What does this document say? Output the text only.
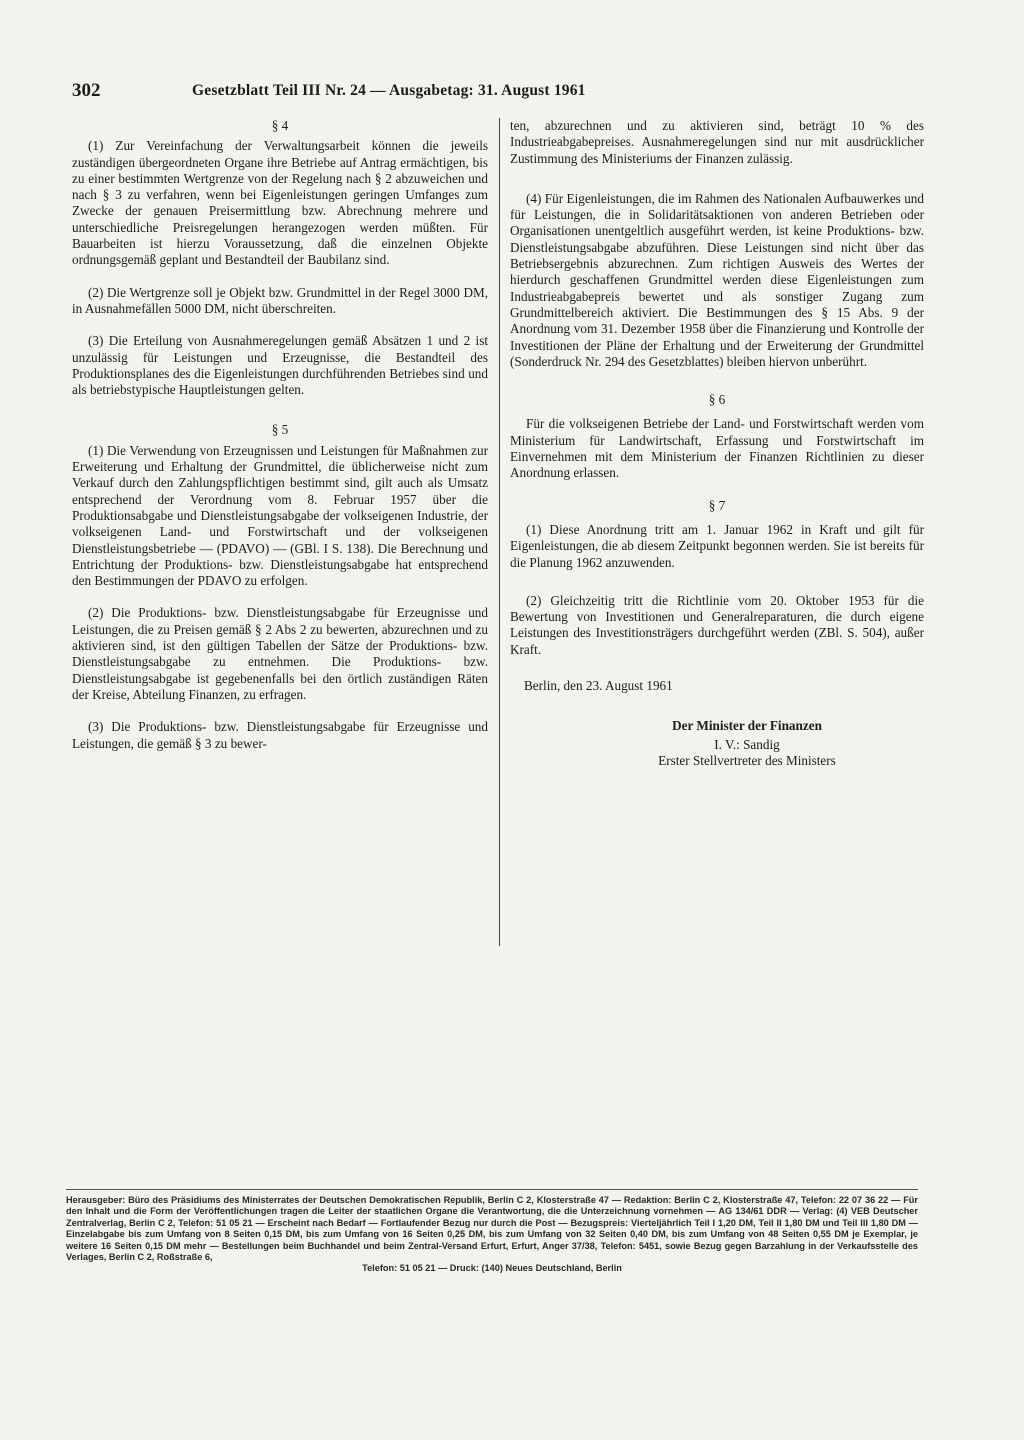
302	Gesetzblatt Teil III Nr. 24 — Ausgabetag: 31. August 1961

§ 4

(1) Zur Vereinfachung der Verwaltungsarbeit können die jeweils zuständigen übergeordneten Organe ihre Betriebe auf Antrag ermächtigen, bis zu einer bestimmten Wertgrenze von der Regelung nach § 2 abzuweichen und nach § 3 zu verfahren, wenn bei Eigenleistungen geringen Umfanges zum Zwecke der genauen Preisermittlung bzw. Abrechnung mehrere und unterschiedliche Preisregelungen herangezogen werden müßten. Für Bauarbeiten ist hierzu Voraussetzung, daß die einzelnen Objekte ordnungsgemäß geplant und Bestandteil der Baubilanz sind.

(2) Die Wertgrenze soll je Objekt bzw. Grundmittel in der Regel 3000 DM, in Ausnahmefällen 5000 DM, nicht überschreiten.

(3) Die Erteilung von Ausnahmeregelungen gemäß Absätzen 1 und 2 ist unzulässig für Leistungen und Erzeugnisse, die Bestandteil des Produktionsplanes des die Eigenleistungen durchführenden Betriebes sind und als betriebstypische Hauptleistungen gelten.

§ 5

(1) Die Verwendung von Erzeugnissen und Leistungen für Maßnahmen zur Erweiterung und Erhaltung der Grundmittel, die üblicherweise nicht zum Verkauf durch den Zahlungspflichtigen bestimmt sind, gilt auch als Umsatz entsprechend der Verordnung vom 8. Februar 1957 über die Produktionsabgabe und Dienstleistungsabgabe der volkseigenen Industrie, der volkseigenen Land- und Forstwirtschaft und der volkseigenen Dienstleistungsbetriebe — (PDAVO) — (GBl. I S. 138). Die Berechnung und Entrichtung der Produktions- bzw. Dienstleistungsabgabe hat entsprechend den Bestimmungen der PDAVO zu erfolgen.

(2) Die Produktions- bzw. Dienstleistungsabgabe für Erzeugnisse und Leistungen, die zu Preisen gemäß § 2 Abs 2 zu bewerten, abzurechnen und zu aktivieren sind, ist den gültigen Tabellen der Sätze der Produktions- bzw. Dienstleistungsabgabe zu entnehmen. Die Produktions- bzw. Dienstleistungsabgabe ist gegebenenfalls bei den örtlich zuständigen Räten der Kreise, Abteilung Finanzen, zu erfragen.

(3) Die Produktions- bzw. Dienstleistungsabgabe für Erzeugnisse und Leistungen, die gemäß § 3 zu bewer-

ten, abzurechnen und zu aktivieren sind, beträgt 10 % des Industrieabgabepreises. Ausnahmeregelungen sind nur mit ausdrücklicher Zustimmung des Ministeriums der Finanzen zulässig.

(4) Für Eigenleistungen, die im Rahmen des Nationalen Aufbauwerkes und für Leistungen, die in Solidaritätsaktionen von anderen Betrieben oder Organisationen unentgeltlich ausgeführt werden, ist keine Produktions- bzw. Dienstleistungsabgabe abzuführen. Diese Leistungen sind nicht über das Betriebsergebnis abzurechnen. Zum richtigen Ausweis des Wertes der hierdurch geschaffenen Grundmittel werden diese Eigenleistungen zum Industrieabgabepreis bewertet und als sonstiger Zugang zum Grundmittelbereich aktiviert. Die Bestimmungen des § 15 Abs. 9 der Anordnung vom 31. Dezember 1958 über die Finanzierung und Kontrolle der Investitionen der Pläne der Erhaltung und der Erweiterung der Grundmittel (Sonderdruck Nr. 294 des Gesetzblattes) bleiben hiervon unberührt.

§ 6

Für die volkseigenen Betriebe der Land- und Forstwirtschaft werden vom Ministerium für Landwirtschaft, Erfassung und Forstwirtschaft im Einvernehmen mit dem Ministerium der Finanzen Richtlinien zu dieser Anordnung erlassen.

§ 7

(1) Diese Anordnung tritt am 1. Januar 1962 in Kraft und gilt für Eigenleistungen, die ab diesem Zeitpunkt begonnen werden. Sie ist bereits für die Planung 1962 anzuwenden.

(2) Gleichzeitig tritt die Richtlinie vom 20. Oktober 1953 für die Bewertung von Investitionen und Generalreparaturen, die durch eigene Leistungen des Investitionsträgers durchgeführt werden (ZBl. S. 504), außer Kraft.

Berlin, den 23. August 1961

Der Minister der Finanzen
I. V.: Sandig
Erster Stellvertreter des Ministers
Herausgeber: Büro des Präsidiums des Ministerrates der Deutschen Demokratischen Republik, Berlin C 2, Klosterstraße 47 — Redaktion: Berlin C 2, Klosterstraße 47, Telefon: 22 07 36 22 — Für den Inhalt und die Form der Veröffentlichungen tragen die Leiter der staatlichen Organe die Verantwortung, die die Unterzeichnung vornehmen — AG 134/61 DDR — Verlag: (4) VEB Deutscher Zentralverlag, Berlin C 2, Telefon: 51 05 21 — Erscheint nach Bedarf — Fortlaufender Bezug nur durch die Post — Bezugspreis: Vierteljährlich Teil I 1,20 DM, Teil II 1,80 DM und Teil III 1,80 DM — Einzelabgabe bis zum Umfang von 8 Seiten 0,15 DM, bis zum Umfang von 16 Seiten 0,25 DM, bis zum Umfang von 32 Seiten 0,40 DM, bis zum Umfang von 48 Seiten 0,55 DM je Exemplar, je weitere 16 Seiten 0,15 DM mehr — Bestellungen beim Buchhandel und beim Zentral-Versand Erfurt, Erfurt, Anger 37/38, Telefon: 5451, sowie Bezug gegen Barzahlung in der Verkaufsstelle des Verlages, Berlin C 2, Roßstraße 6,
Telefon: 51 05 21 — Druck: (140) Neues Deutschland, Berlin
